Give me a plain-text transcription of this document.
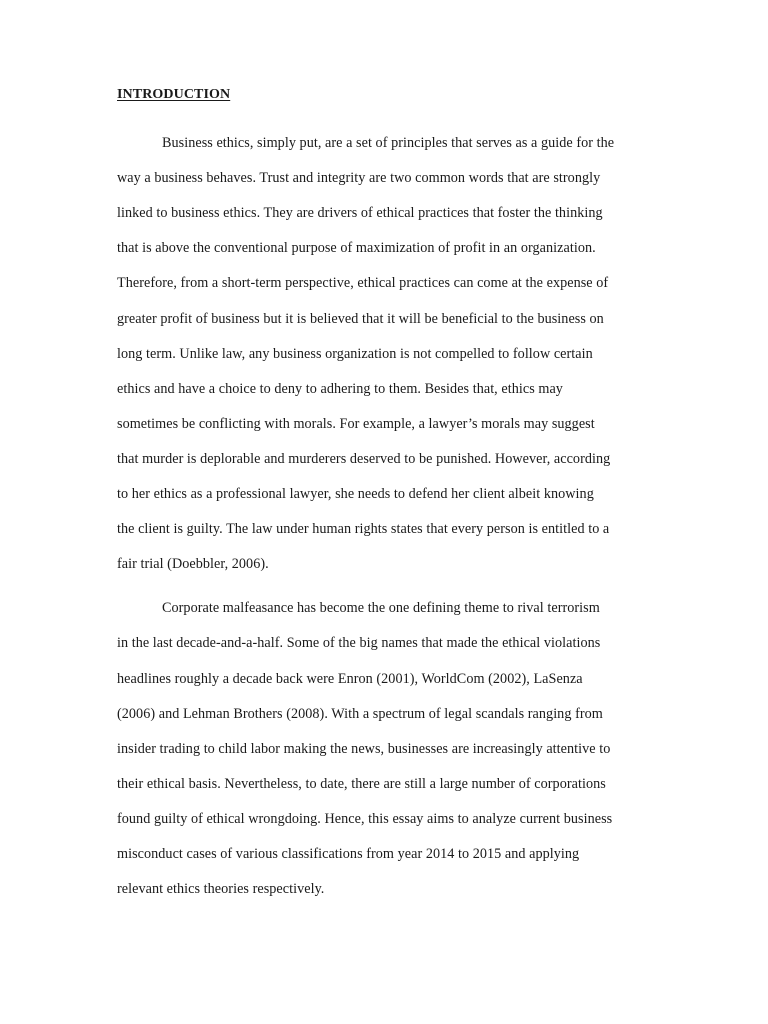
INTRODUCTION
Business ethics, simply put, are a set of principles that serves as a guide for the
way a business behaves. Trust and integrity are two common words that are strongly
linked to business ethics. They are drivers of ethical practices that foster the thinking
that is above the conventional purpose of maximization of profit in an organization.
Therefore, from a short-term perspective, ethical practices can come at the expense of
greater profit of business but it is believed that it will be beneficial to the business on
long term. Unlike law, any business organization is not compelled to follow certain
ethics and have a choice to deny to adhering to them. Besides that, ethics may
sometimes be conflicting with morals. For example, a lawyer’s morals may suggest
that murder is deplorable and murderers deserved to be punished. However, according
to her ethics as a professional lawyer, she needs to defend her client albeit knowing
the client is guilty. The law under human rights states that every person is entitled to a
fair trial (Doebbler, 2006).
Corporate malfeasance has become the one defining theme to rival terrorism
in the last decade-and-a-half. Some of the big names that made the ethical violations
headlines roughly a decade back were Enron (2001), WorldCom (2002), LaSenza
(2006) and Lehman Brothers (2008). With a spectrum of legal scandals ranging from
insider trading to child labor making the news, businesses are increasingly attentive to
their ethical basis. Nevertheless, to date, there are still a large number of corporations
found guilty of ethical wrongdoing. Hence, this essay aims to analyze current business
misconduct cases of various classifications from year 2014 to 2015 and applying
relevant ethics theories respectively.
